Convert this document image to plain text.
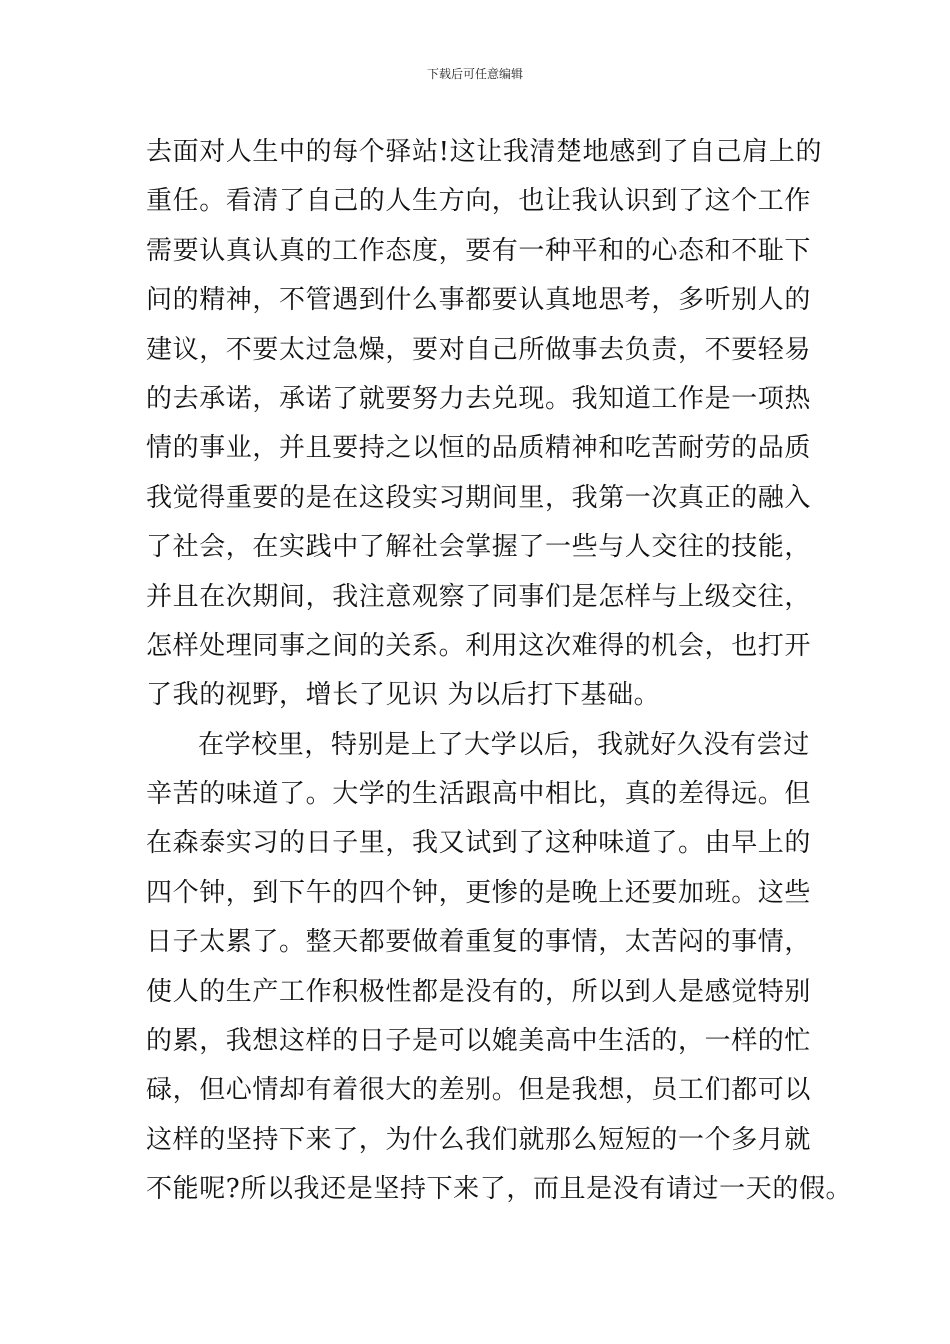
下载后可任意编辑
去面对人生中的每个驿站!这让我清楚地感到了自己肩上的
重任。看清了自己的人生方向，也让我认识到了这个工作
需要认真认真的工作态度，要有一种平和的心态和不耻下
问的精神，不管遇到什么事都要认真地思考，多听别人的
建议，不要太过急燥，要对自己所做事去负责，不要轻易
的去承诺，承诺了就要努力去兑现。我知道工作是一项热
情的事业，并且要持之以恒的品质精神和吃苦耐劳的品质
我觉得重要的是在这段实习期间里，我第一次真正的融入
了社会，在实践中了解社会掌握了一些与人交往的技能，
并且在次期间，我注意观察了同事们是怎样与上级交往，
怎样处理同事之间的关系。利用这次难得的机会，也打开
了我的视野，增长了见识 为以后打下基础。
在学校里，特别是上了大学以后，我就好久没有尝过
辛苦的味道了。大学的生活跟高中相比，真的差得远。但
在森泰实习的日子里，我又试到了这种味道了。由早上的
四个钟，到下午的四个钟，更惨的是晚上还要加班。这些
日子太累了。整天都要做着重复的事情，太苦闷的事情，
使人的生产工作积极性都是没有的，所以到人是感觉特别
的累，我想这样的日子是可以媲美高中生活的，一样的忙
碌，但心情却有着很大的差别。但是我想，员工们都可以
这样的坚持下来了，为什么我们就那么短短的一个多月就
不能呢?所以我还是坚持下来了，而且是没有请过一天的假。
